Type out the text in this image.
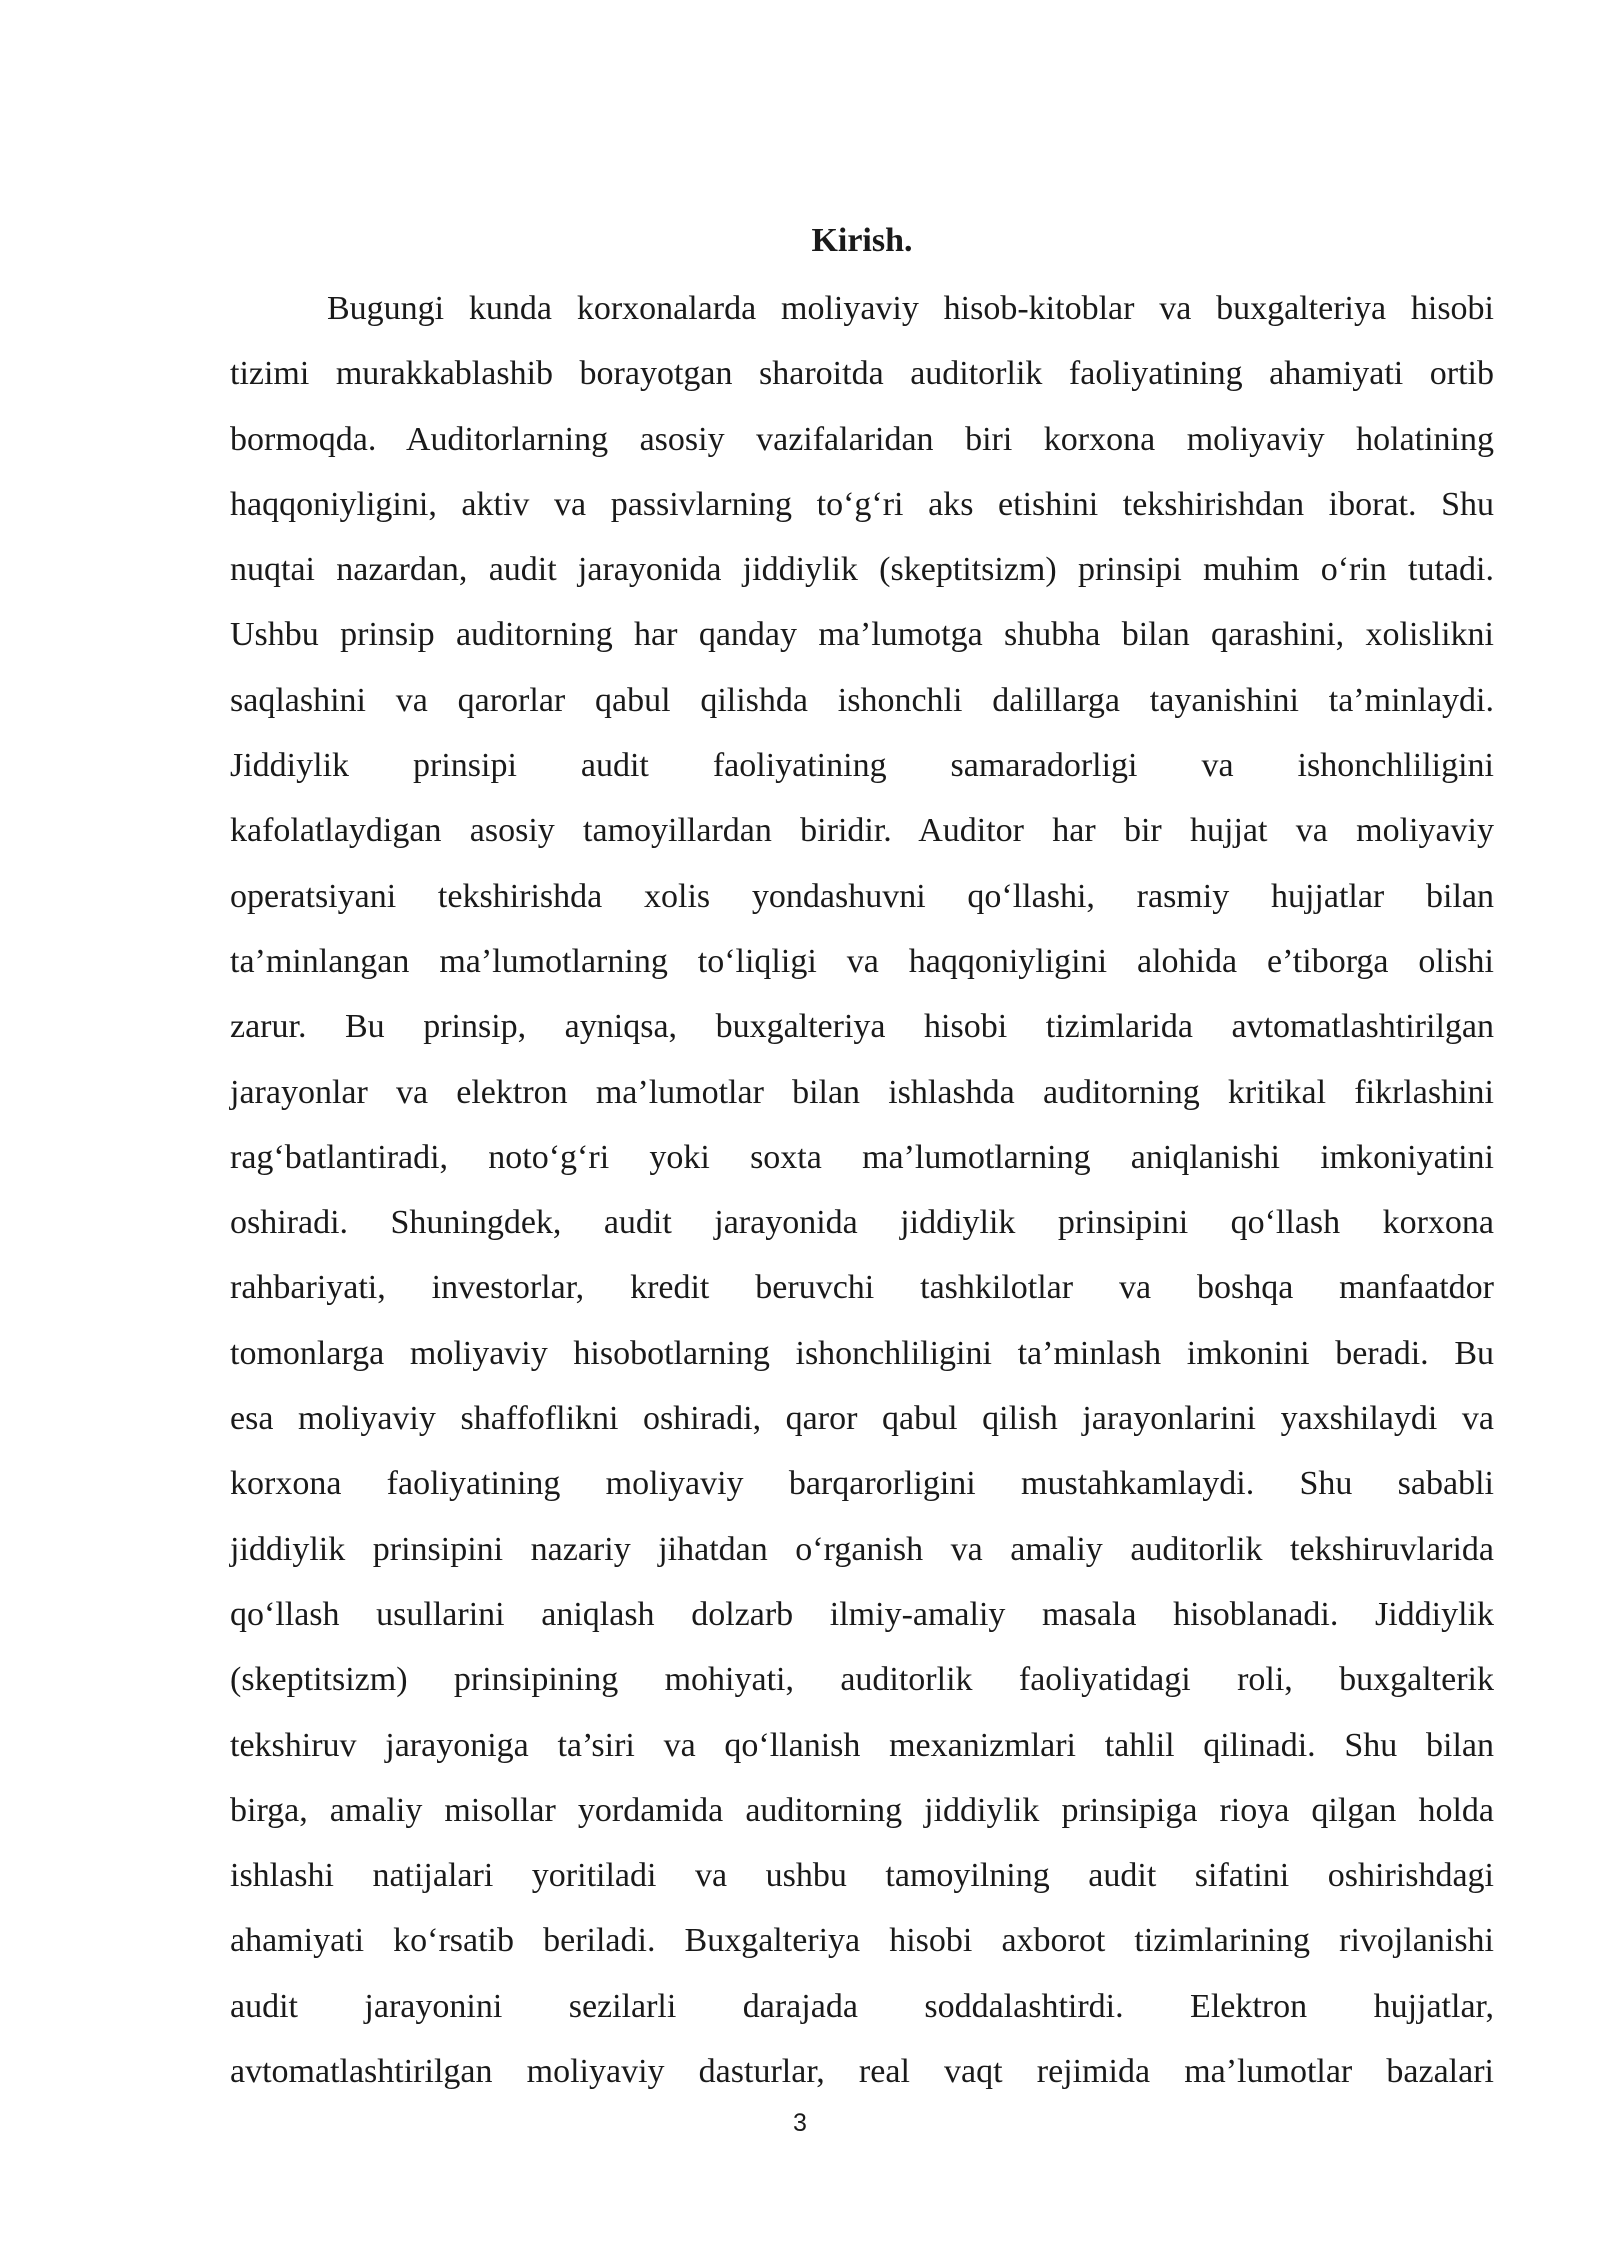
Kirish.
Bugungi kunda korxonalarda moliyaviy hisob-kitoblar va buxgalteriya hisobi
tizimi murakkablashib borayotgan sharoitda auditorlik faoliyatining ahamiyati ortib
bormoqda. Auditorlarning asosiy vazifalaridan biri korxona moliyaviy holatining
haqqoniyligini, aktiv va passivlarning to‘g‘ri aks etishini tekshirishdan iborat. Shu
nuqtai nazardan, audit jarayonida jiddiylik (skeptitsizm) prinsipi muhim o‘rin tutadi.
Ushbu prinsip auditorning har qanday ma’lumotga shubha bilan qarashini, xolislikni
saqlashini va qarorlar qabul qilishda ishonchli dalillarga tayanishini ta’minlaydi.
Jiddiylik prinsipi audit faoliyatining samaradorligi va ishonchliligini
kafolatlaydigan asosiy tamoyillardan biridir. Auditor har bir hujjat va moliyaviy
operatsiyani tekshirishda xolis yondashuvni qo‘llashi, rasmiy hujjatlar bilan
ta’minlangan ma’lumotlarning to‘liqligi va haqqoniyligini alohida e’tiborga olishi
zarur. Bu prinsip, ayniqsa, buxgalteriya hisobi tizimlarida avtomatlashtirilgan
jarayonlar va elektron ma’lumotlar bilan ishlashda auditorning kritikal fikrlashini
rag‘batlantiradi, noto‘g‘ri yoki soxta ma’lumotlarning aniqlanishi imkoniyatini
oshiradi. Shuningdek, audit jarayonida jiddiylik prinsipini qo‘llash korxona
rahbariyati, investorlar, kredit beruvchi tashkilotlar va boshqa manfaatdor
tomonlarga moliyaviy hisobotlarning ishonchliligini ta’minlash imkonini beradi. Bu
esa moliyaviy shaffoflikni oshiradi, qaror qabul qilish jarayonlarini yaxshilaydi va
korxona faoliyatining moliyaviy barqarorligini mustahkamlaydi. Shu sababli
jiddiylik prinsipini nazariy jihatdan o‘rganish va amaliy auditorlik tekshiruvlarida
qo‘llash usullarini aniqlash dolzarb ilmiy-amaliy masala hisoblanadi. Jiddiylik
(skeptitsizm) prinsipining mohiyati, auditorlik faoliyatidagi roli, buxgalterik
tekshiruv jarayoniga ta’siri va qo‘llanish mexanizmlari tahlil qilinadi. Shu bilan
birga, amaliy misollar yordamida auditorning jiddiylik prinsipiga rioya qilgan holda
ishlashi natijalari yoritiladi va ushbu tamoyilning audit sifatini oshirishdagi
ahamiyati ko‘rsatib beriladi. Buxgalteriya hisobi axborot tizimlarining rivojlanishi
audit jarayonini sezilarli darajada soddalashtirdi. Elektron hujjatlar,
avtomatlashtirilgan moliyaviy dasturlar, real vaqt rejimida ma’lumotlar bazalari
3
